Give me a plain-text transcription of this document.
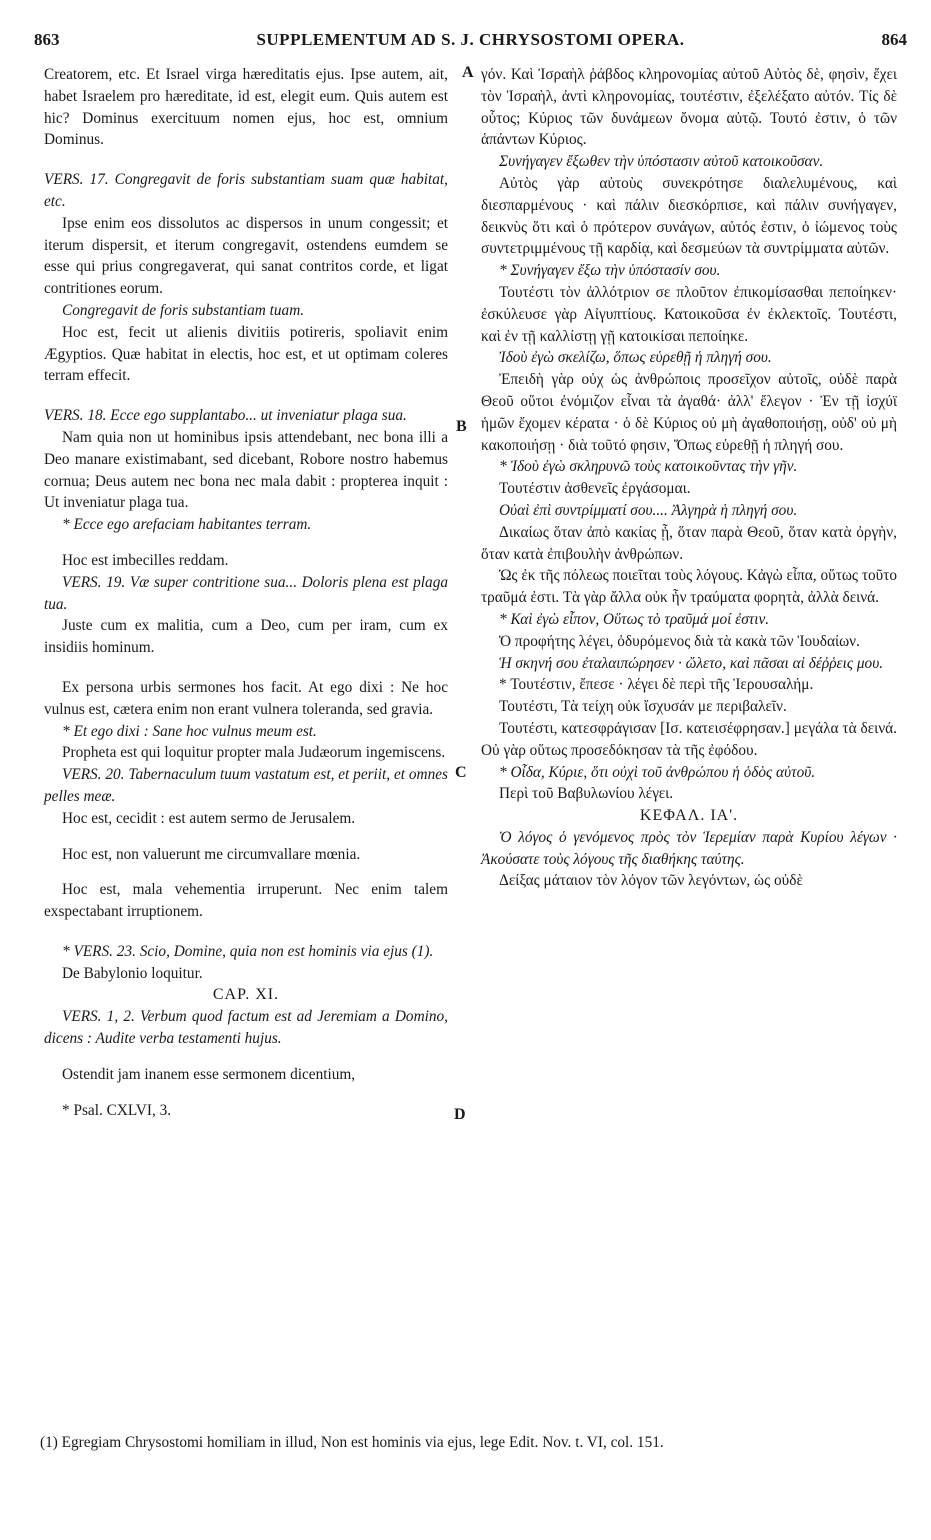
863	SUPPLEMENTUM AD S. J. CHRYSOSTOMI OPERA.	864
A
B
C
D

Creatorem, etc. Et Israel virga hæreditatis ejus. Ipse autem, ait, habet Israelem pro hæreditate, id est, elegit eum. Quis autem est hic? Dominus exercituum nomen ejus, hoc est, omnium Dominus.

VERS. 17. Congregavit de foris substantiam suam quæ habitat, etc.

Ipse enim eos dissolutos ac dispersos in unum congessit; et iterum dispersit, et iterum congregavit, ostendens eumdem se esse qui prius congregaverat, qui sanat contritos corde, et ligat contritiones eorum.

Congregavit de foris substantiam tuam.

Hoc est, fecit ut alienis divitiis potireris, spoliavit enim Ægyptios. Quæ habitat in electis, hoc est, et ut optimam coleres terram effecit.

VERS. 18. Ecce ego supplantabo... ut inveniatur plaga sua.

Nam quia non ut hominibus ipsis attendebant, nec bona illi a Deo manare existimabant, sed dicebant, Robore nostro habemus cornua; Deus autem nec bona nec mala dabit : propterea inquit : Ut inveniatur plaga tua.

* Ecce ego arefaciam habitantes terram.

Hoc est imbecilles reddam.

VERS. 19. Væ super contritione sua... Doloris plena est plaga tua.

Juste cum ex malitia, cum a Deo, cum per iram, cum ex insidiis hominum.

Ex persona urbis sermones hos facit. At ego dixi : Ne hoc vulnus est, cætera enim non erant vulnera toleranda, sed gravia.

* Et ego dixi : Sane hoc vulnus meum est.

Propheta est qui loquitur propter mala Judæorum ingemiscens.

VERS. 20. Tabernaculum tuum vastatum est, et periit, et omnes pelles meæ.

Hoc est, cecidit : est autem sermo de Jerusalem.

Hoc est, non valuerunt me circumvallare mœnia.

Hoc est, mala vehementia irruperunt. Nec enim talem exspectabant irruptionem.

* VERS. 23. Scio, Domine, quia non est hominis via ejus (1).

De Babylonio loquitur.

CAP. XI.

VERS. 1, 2. Verbum quod factum est ad Jeremiam a Domino, dicens : Audite verba testamenti hujus.

Ostendit jam inanem esse sermonem dicentium,

* Psal. CXLVI, 3.

γόν. Καὶ Ἰσραὴλ ῥάβδος κληρονομίας αὐτοῦ Αὐτὸς δὲ, φησὶν, ἔχει τὸν Ἰσραὴλ, ἀντὶ κληρονομίας, τουτέστιν, ἐξελέξατο αὐτόν. Τίς δὲ οὗτος; Κύριος τῶν δυνάμεων ὄνομα αὐτῷ. Τουτό ἐστιν, ὁ τῶν ἁπάντων Κύριος.

Συνήγαγεν ἔξωθεν τὴν ὑπόστασιν αὐτοῦ κατοικοῦσαν.

Αὐτὸς γὰρ αὐτοὺς συνεκρότησε διαλελυμένους, καὶ διεσπαρμένους · καὶ πάλιν διεσκόρπισε, καὶ πάλιν συνήγαγεν, δεικνὺς ὅτι καὶ ὁ πρότερον συνάγων, αὐτός ἐστιν, ὁ ἰώμενος τοὺς συντετριμμένους τῇ καρδίᾳ, καὶ δεσμεύων τὰ συντρίμματα αὐτῶν.

* Συνήγαγεν ἔξω τὴν ὑπόστασίν σου.

Τουτέστι τὸν ἀλλότριον σε πλοῦτον ἐπικομίσασθαι πεποίηκεν· ἐσκύλευσε γὰρ Αἰγυπτίους. Κατοικοῦσα ἐν ἐκλεκτοῖς. Τουτέστι, καὶ ἐν τῇ καλλίστῃ γῇ κατοικίσαι πεποίηκε.

Ἰδοὺ ἐγὼ σκελίζω, ὅπως εὑρεθῇ ἡ πληγή σου.

Ἐπειδὴ γὰρ οὐχ ὡς ἀνθρώποις προσεῖχον αὐτοῖς, οὐδὲ παρὰ Θεοῦ οὕτοι ἐνόμιζον εἶναι τὰ ἀγαθά· ἀλλ' ἔλεγον · Ἐν τῇ ἰσχύϊ ἡμῶν ἔχομεν κέρατα · ὁ δὲ Κύριος οὐ μὴ ἀγαθοποιήσῃ, οὐδ' οὐ μὴ κακοποιήσῃ · διὰ τοῦτό φησιν, Ὅπως εὑρεθῇ ἡ πληγή σου.

* Ἰδοὺ ἐγὼ σκληρυνῶ τοὺς κατοικοῦντας τὴν γῆν.

Τουτέστιν ἀσθενεῖς ἐργάσομαι.

Οὐαὶ ἐπὶ συντρίμματί σου.... Ἀλγηρὰ ἡ πληγή σου.

Δικαίως ὅταν ἀπὸ κακίας ᾖ, ὅταν παρὰ Θεοῦ, ὅταν κατὰ ὀργὴν, ὅταν κατὰ ἐπιβουλὴν ἀνθρώπων.

Ὡς ἐκ τῆς πόλεως ποιεῖται τοὺς λόγους. Κἀγὼ εἶπα, οὕτως τοῦτο τραῦμά ἐστι. Τὰ γὰρ ἄλλα οὐκ ἦν τραύματα φορητὰ, ἀλλὰ δεινά.

* Καὶ ἐγὼ εἶπον, Οὕτως τὸ τραῦμά μοί ἐστιν.

Ὁ προφήτης λέγει, ὀδυρόμενος διὰ τὰ κακὰ τῶν Ἰουδαίων.

Ἡ σκηνή σου ἐταλαιπώρησεν · ὤλετο, καὶ πᾶσαι αἱ δέῤῥεις μου.

* Τουτέστιν, ἔπεσε · λέγει δὲ περὶ τῆς Ἱερουσαλήμ.

Τουτέστι, Τὰ τείχη οὐκ ἴσχυσάν με περιβαλεῖν.

Τουτέστι, κατεσφράγισαν [Ισ. κατεισέφρησαν.] μεγάλα τὰ δεινά. Οὐ γὰρ οὕτως προσεδόκησαν τὰ τῆς ἐφόδου.

* Οἶδα, Κύριε, ὅτι οὐχὶ τοῦ ἀνθρώπου ἡ ὁδὸς αὐτοῦ.

Περὶ τοῦ Βαβυλωνίου λέγει.

ΚΕΦΑΛ. ΙΑ'.

Ὁ λόγος ὁ γενόμενος πρὸς τὸν Ἱερεμίαν παρὰ Κυρίου λέγων · Ἀκούσατε τοὺς λόγους τῆς διαθήκης ταύτης.

Δείξας μάταιον τὸν λόγον τῶν λεγόντων, ὡς οὐδὲ

(1) Egregiam Chrysostomi homiliam in illud, Non est hominis via ejus, lege Edit. Nov. t. VI, col. 151.
